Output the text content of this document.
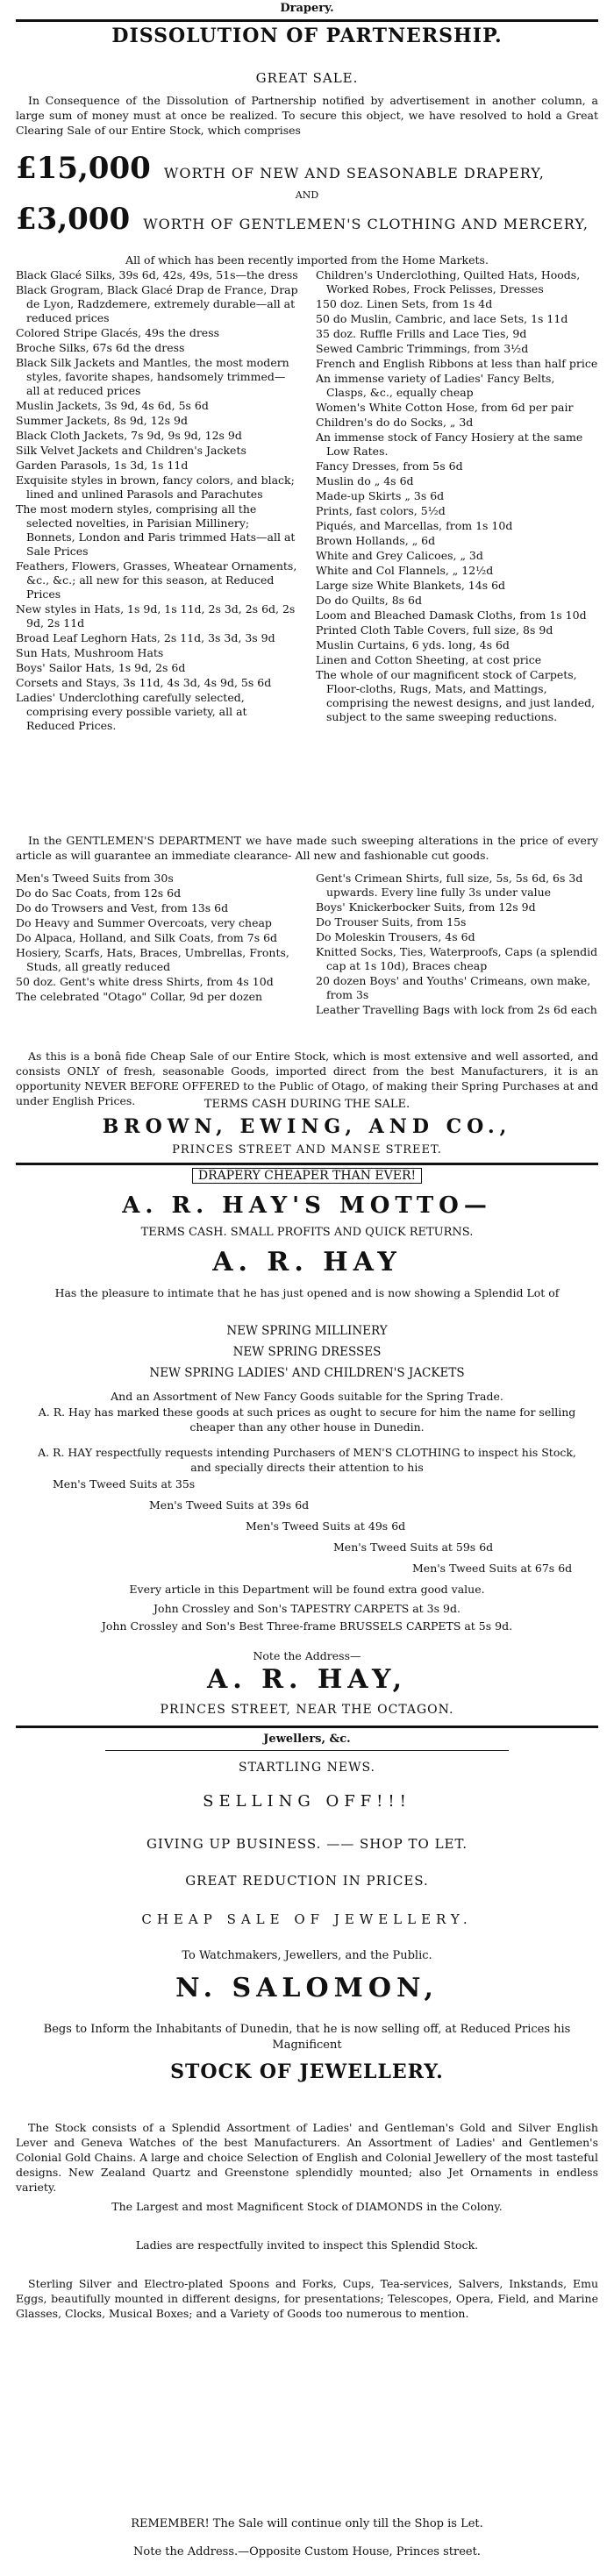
Drapery.
DISSOLUTION OF PARTNERSHIP.
GREAT SALE.
In Consequence of the Dissolution of Partnership notified by advertisement in another column, a large sum of money must at once be realized. To secure this object, we have resolved to hold a Great Clearing Sale of our Entire Stock, which comprises
£15,000 WORTH OF NEW AND SEASONABLE DRAPERY,
AND
£3,000 WORTH OF GENTLEMEN'S CLOTHING AND MERCERY,
All of which has been recently imported from the Home Markets.

Black Glacé Silks, 39s 6d, 42s, 49s, 51s—the dress

Black Grogram, Black Glacé Drap de France, Drap de Lyon, Radzdemere, extremely durable—all at reduced prices

Colored Stripe Glacés, 49s the dress

Broche Silks, 67s 6d the dress

Black Silk Jackets and Mantles, the most modern styles, favorite shapes, handsomely trimmed—all at reduced prices

Muslin Jackets, 3s 9d, 4s 6d, 5s 6d

Summer Jackets, 8s 9d, 12s 9d

Black Cloth Jackets, 7s 9d, 9s 9d, 12s 9d

Silk Velvet Jackets and Children's Jackets

Garden Parasols, 1s 3d, 1s 11d

Exquisite styles in brown, fancy colors, and black; lined and unlined Parasols and Parachutes

The most modern styles, comprising all the selected novelties, in Parisian Millinery; Bonnets, London and Paris trimmed Hats—all at Sale Prices

Feathers, Flowers, Grasses, Wheatear Ornaments, &c., &c.; all new for this season, at Reduced Prices

New styles in Hats, 1s 9d, 1s 11d, 2s 3d, 2s 6d, 2s 9d, 2s 11d

Broad Leaf Leghorn Hats, 2s 11d, 3s 3d, 3s 9d

Sun Hats, Mushroom Hats

Boys' Sailor Hats, 1s 9d, 2s 6d

Corsets and Stays, 3s 11d, 4s 3d, 4s 9d, 5s 6d

Ladies' Underclothing carefully selected, comprising every possible variety, all at Reduced Prices.

Children's Underclothing, Quilted Hats, Hoods, Worked Robes, Frock Pelisses, Dresses

150 doz. Linen Sets, from 1s 4d

50 do Muslin, Cambric, and lace Sets, 1s 11d

35 doz. Ruffle Frills and Lace Ties, 9d

Sewed Cambric Trimmings, from 3½d

French and English Ribbons at less than half price

An immense variety of Ladies' Fancy Belts, Clasps, &c., equally cheap

Women's White Cotton Hose, from 6d per pair

Children's do do Socks, „ 3d

An immense stock of Fancy Hosiery at the same Low Rates.

Fancy Dresses, from 5s 6d

Muslin do „ 4s 6d

Made-up Skirts „ 3s 6d

Prints, fast colors, 5½d

Piqués, and Marcellas, from 1s 10d

Brown Hollands, „ 6d

White and Grey Calicoes, „ 3d

White and Col Flannels, „ 12½d

Large size White Blankets, 14s 6d

Do do Quilts, 8s 6d

Loom and Bleached Damask Cloths, from 1s 10d

Printed Cloth Table Covers, full size, 8s 9d

Muslin Curtains, 6 yds. long, 4s 6d

Linen and Cotton Sheeting, at cost price

The whole of our magnificent stock of Carpets, Floor-cloths, Rugs, Mats, and Mattings, comprising the newest designs, and just landed, subject to the same sweeping reductions.

In the GENTLEMEN'S DEPARTMENT we have made such sweeping alterations in the price of every article as will guarantee an immediate clearance- All new and fashionable cut goods.

Men's Tweed Suits from 30s

Do do Sac Coats, from 12s 6d

Do do Trowsers and Vest, from 13s 6d

Do Heavy and Summer Overcoats, very cheap

Do Alpaca, Holland, and Silk Coats, from 7s 6d

Hosiery, Scarfs, Hats, Braces, Umbrellas, Fronts, Studs, all greatly reduced

50 doz. Gent's white dress Shirts, from 4s 10d

The celebrated "Otago" Collar, 9d per dozen

Gent's Crimean Shirts, full size, 5s, 5s 6d, 6s 3d upwards. Every line fully 3s under value

Boys' Knickerbocker Suits, from 12s 9d

Do Trouser Suits, from 15s

Do Moleskin Trousers, 4s 6d

Knitted Socks, Ties, Waterproofs, Caps (a splendid cap at 1s 10d), Braces cheap

20 dozen Boys' and Youths' Crimeans, own make, from 3s

Leather Travelling Bags with lock from 2s 6d each

As this is a bonâ fide Cheap Sale of our Entire Stock, which is most extensive and well assorted, and consists ONLY of fresh, seasonable Goods, imported direct from the best Manufacturers, it is an opportunity NEVER BEFORE OFFERED to the Public of Otago, of making their Spring Purchases at and under English Prices.	TERMS CASH DURING THE SALE.
BROWN, EWING, AND CO.,
PRINCES STREET AND MANSE STREET.
DRAPERY CHEAPER THAN EVER!
A. R. HAY'S MOTTO—
TERMS CASH. SMALL PROFITS AND QUICK RETURNS.
A. R. HAY
Has the pleasure to intimate that he has just opened and is now showing a Splendid Lot of
NEW SPRING MILLINERY
NEW SPRING DRESSES
NEW SPRING LADIES' AND CHILDREN'S JACKETS
And an Assortment of New Fancy Goods suitable for the Spring Trade.
A. R. Hay has marked these goods at such prices as ought to secure for him the name for selling cheaper than any other house in Dunedin.
A. R. HAY respectfully requests intending Purchasers of MEN'S CLOTHING to inspect his Stock, and specially directs their attention to his
Men's Tweed Suits at 35s
Men's Tweed Suits at 39s 6d
Men's Tweed Suits at 49s 6d
Men's Tweed Suits at 59s 6d
Men's Tweed Suits at 67s 6d
Every article in this Department will be found extra good value.
John Crossley and Son's TAPESTRY CARPETS at 3s 9d.
John Crossley and Son's Best Three-frame BRUSSELS CARPETS at 5s 9d.
Note the Address—
A. R. HAY,
PRINCES STREET, NEAR THE OCTAGON.
Jewellers, &c.
STARTLING NEWS.
SELLING OFF!!!
GIVING UP BUSINESS. —— SHOP TO LET.
GREAT REDUCTION IN PRICES.
CHEAP SALE OF JEWELLERY.
To Watchmakers, Jewellers, and the Public.
N. SALOMON,
Begs to Inform the Inhabitants of Dunedin, that he is now selling off, at Reduced Prices his Magnificent
STOCK OF JEWELLERY.
The Stock consists of a Splendid Assortment of Ladies' and Gentleman's Gold and Silver English Lever and Geneva Watches of the best Manufacturers. An Assortment of Ladies' and Gentlemen's Colonial Gold Chains. A large and choice Selection of English and Colonial Jewellery of the most tasteful designs. New Zealand Quartz and Greenstone splendidly mounted; also Jet Ornaments in endless variety.
The Largest and most Magnificent Stock of DIAMONDS in the Colony.
Ladies are respectfully invited to inspect this Splendid Stock.
Sterling Silver and Electro-plated Spoons and Forks, Cups, Tea-services, Salvers, Inkstands, Emu Eggs, beautifully mounted in different designs, for presentations; Telescopes, Opera, Field, and Marine Glasses, Clocks, Musical Boxes; and a Variety of Goods too numerous to mention.
REMEMBER! The Sale will continue only till the Shop is Let.
Note the Address.—Opposite Custom House, Princes street.
